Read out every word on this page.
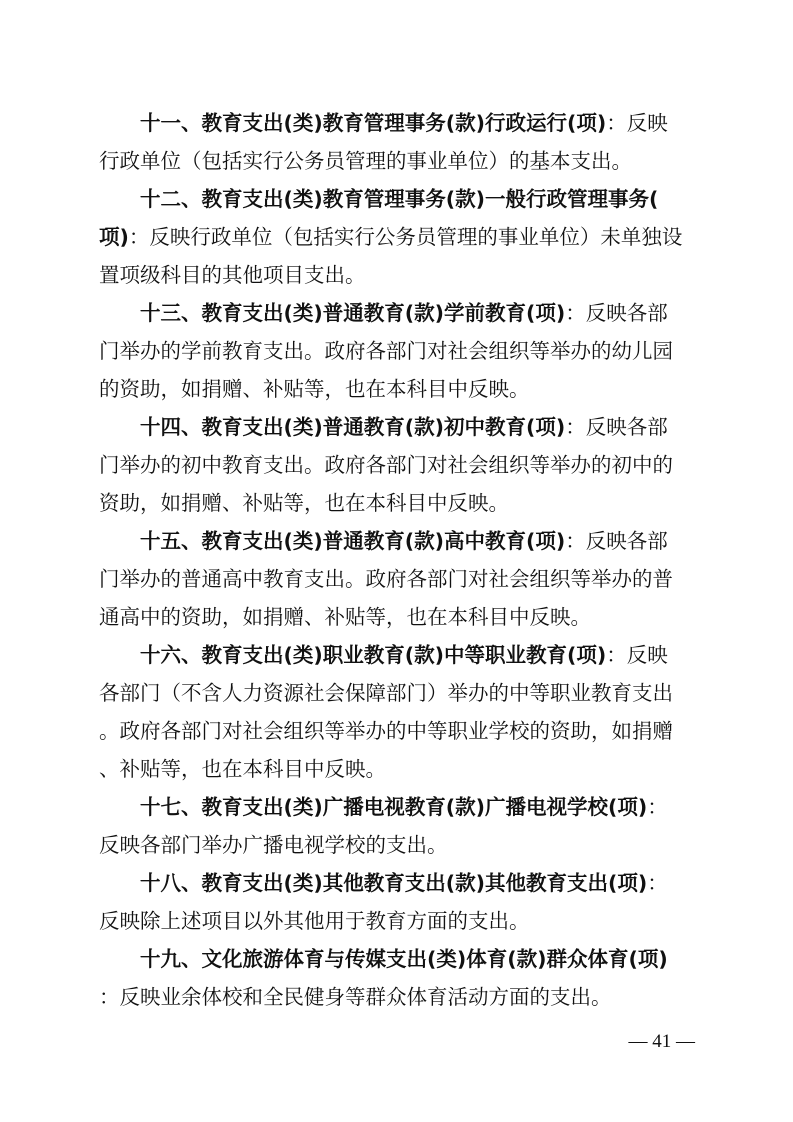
十一、教育支出(类)教育管理事务(款)行政运行(项)：反映
行政单位（包括实行公务员管理的事业单位）的基本支出。
十二、教育支出(类)教育管理事务(款)一般行政管理事务(
项)：反映行政单位（包括实行公务员管理的事业单位）未单独设
置项级科目的其他项目支出。
十三、教育支出(类)普通教育(款)学前教育(项)：反映各部
门举办的学前教育支出。政府各部门对社会组织等举办的幼儿园
的资助，如捐赠、补贴等，也在本科目中反映。
十四、教育支出(类)普通教育(款)初中教育(项)：反映各部
门举办的初中教育支出。政府各部门对社会组织等举办的初中的
资助，如捐赠、补贴等，也在本科目中反映。
十五、教育支出(类)普通教育(款)高中教育(项)：反映各部
门举办的普通高中教育支出。政府各部门对社会组织等举办的普
通高中的资助，如捐赠、补贴等，也在本科目中反映。
十六、教育支出(类)职业教育(款)中等职业教育(项)：反映
各部门（不含人力资源社会保障部门）举办的中等职业教育支出
。政府各部门对社会组织等举办的中等职业学校的资助，如捐赠
、补贴等，也在本科目中反映。
十七、教育支出(类)广播电视教育(款)广播电视学校(项)：
反映各部门举办广播电视学校的支出。
十八、教育支出(类)其他教育支出(款)其他教育支出(项)：
反映除上述项目以外其他用于教育方面的支出。
十九、文化旅游体育与传媒支出(类)体育(款)群众体育(项)
：反映业余体校和全民健身等群众体育活动方面的支出。
— 41 —
